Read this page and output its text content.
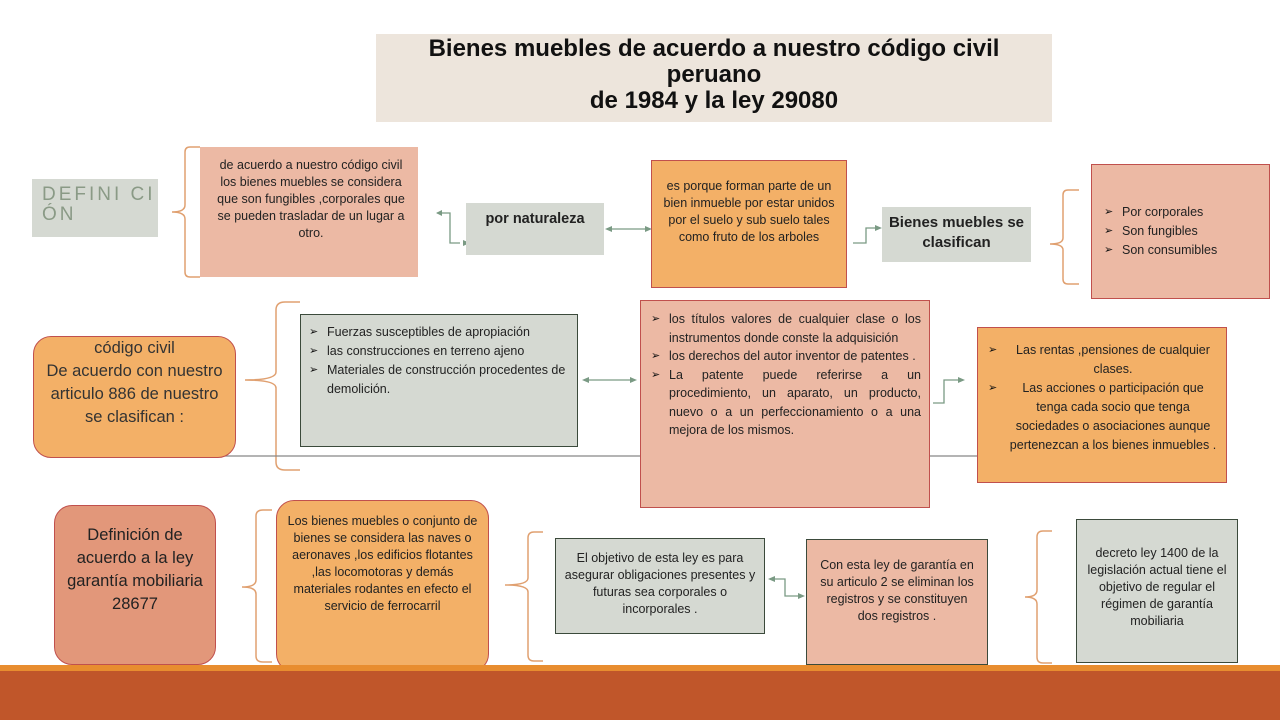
Bienes muebles de acuerdo a nuestro código civil
peruano
de 1984 y la ley 29080
DEFINI CIÓN
de acuerdo a nuestro código civil los bienes muebles se considera que son fungibles ,corporales que se pueden trasladar de un lugar a otro.
por naturaleza
es porque forman parte de un bien inmueble por estar unidos por el suelo y sub suelo tales como fruto de los arboles
Bienes muebles se clasifican
➢ Por corporales
➢ Son fungibles
➢ Son consumibles
código civil
De acuerdo con nuestro articulo 886 de nuestro se clasifican :
➢ Fuerzas susceptibles de apropiación
➢ las construcciones en terreno ajeno
➢ Materiales de construcción procedentes de demolición.
➢ los títulos valores de cualquier clase o los instrumentos donde conste la adquisición
➢ los derechos del autor inventor de patentes .
➢ La patente puede referirse a un procedimiento, un aparato, un producto, nuevo o a un perfeccionamiento o a una mejora de los mismos.
➢ Las rentas ,pensiones de cualquier clases.
➢ Las acciones o participación que tenga cada socio que tenga sociedades o asociaciones aunque pertenezcan a los bienes inmuebles .
Definición de acuerdo a la ley garantía mobiliaria 28677
Los bienes muebles o conjunto de bienes se considera las naves o aeronaves ,los edificios flotantes ,las locomotoras y demás materiales rodantes en efecto el servicio de ferrocarril
El objetivo de esta ley es para asegurar obligaciones presentes y futuras sea corporales o incorporales .
Con esta ley de garantía en su articulo 2 se eliminan los registros y se constituyen dos registros .
decreto ley 1400 de la legislación actual tiene el objetivo de regular el régimen de garantía mobiliaria
